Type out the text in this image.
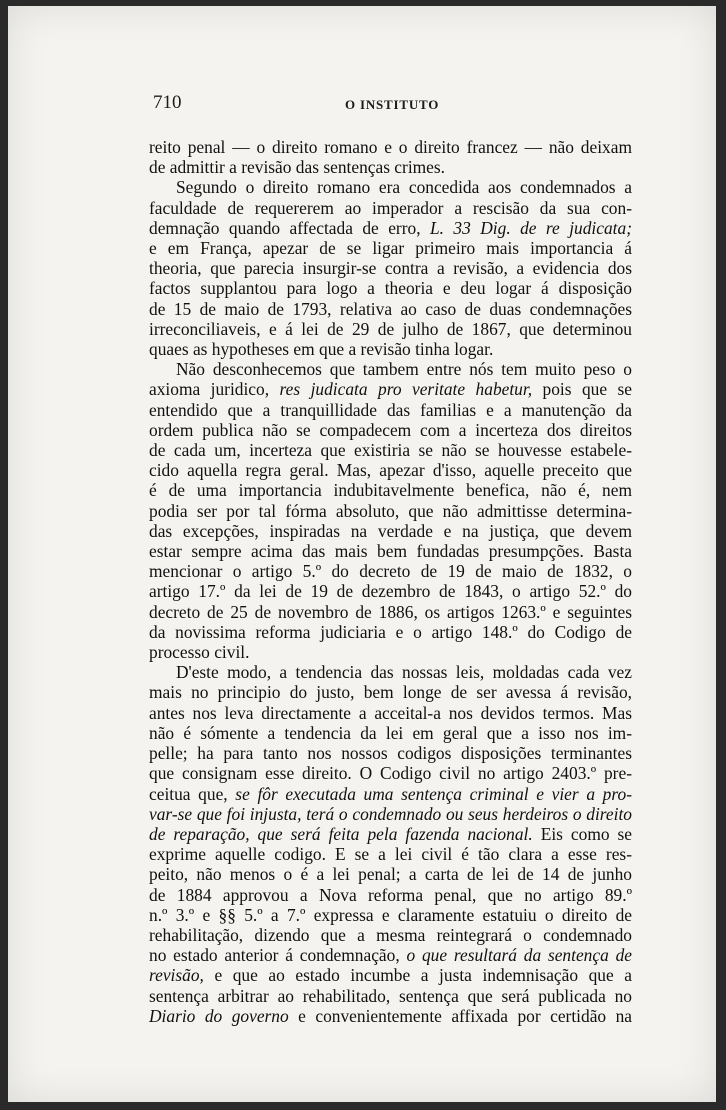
710	O INSTITUTO
reito penal — o direito romano e o direito francez — não deixam
de admittir a revisão das sentenças crimes.
Segundo o direito romano era concedida aos condemnados a
faculdade de requererem ao imperador a rescisão da sua con-
demnação quando affectada de erro, L. 33 Dig. de re judicata;
e em França, apezar de se ligar primeiro mais importancia á
theoria, que parecia insurgir-se contra a revisão, a evidencia dos
factos supplantou para logo a theoria e deu logar á disposição
de 15 de maio de 1793, relativa ao caso de duas condemnações
irreconciliaveis, e á lei de 29 de julho de 1867, que determinou
quaes as hypotheses em que a revisão tinha logar.
Não desconhecemos que tambem entre nós tem muito peso o
axioma juridico, res judicata pro veritate habetur, pois que se
entendido que a tranquillidade das familias e a manutenção da
ordem publica não se compadecem com a incerteza dos direitos
de cada um, incerteza que existiria se não se houvesse estabele-
cido aquella regra geral. Mas, apezar d'isso, aquelle preceito que
é de uma importancia indubitavelmente benefica, não é, nem
podia ser por tal fórma absoluto, que não admittisse determina-
das excepções, inspiradas na verdade e na justiça, que devem
estar sempre acima das mais bem fundadas presumpções. Basta
mencionar o artigo 5.º do decreto de 19 de maio de 1832, o
artigo 17.º da lei de 19 de dezembro de 1843, o artigo 52.º do
decreto de 25 de novembro de 1886, os artigos 1263.º e seguintes
da novissima reforma judiciaria e o artigo 148.º do Codigo de
processo civil.
D'este modo, a tendencia das nossas leis, moldadas cada vez
mais no principio do justo, bem longe de ser avessa á revisão,
antes nos leva directamente a acceital-a nos devidos termos. Mas
não é sómente a tendencia da lei em geral que a isso nos im-
pelle; ha para tanto nos nossos codigos disposições terminantes
que consignam esse direito. O Codigo civil no artigo 2403.º pre-
ceitua que, se fôr executada uma sentença criminal e vier a pro-
var-se que foi injusta, terá o condemnado ou seus herdeiros o direito
de reparação, que será feita pela fazenda nacional. Eis como se
exprime aquelle codigo. E se a lei civil é tão clara a esse res-
peito, não menos o é a lei penal; a carta de lei de 14 de junho
de 1884 approvou a Nova reforma penal, que no artigo 89.º
n.º 3.º e §§ 5.º a 7.º expressa e claramente estatuiu o direito de
rehabilitação, dizendo que a mesma reintegrará o condemnado
no estado anterior á condemnação, o que resultará da sentença de
revisão, e que ao estado incumbe a justa indemnisação que a
sentença arbitrar ao rehabilitado, sentença que será publicada no
Diario do governo e convenientemente affixada por certidão na
